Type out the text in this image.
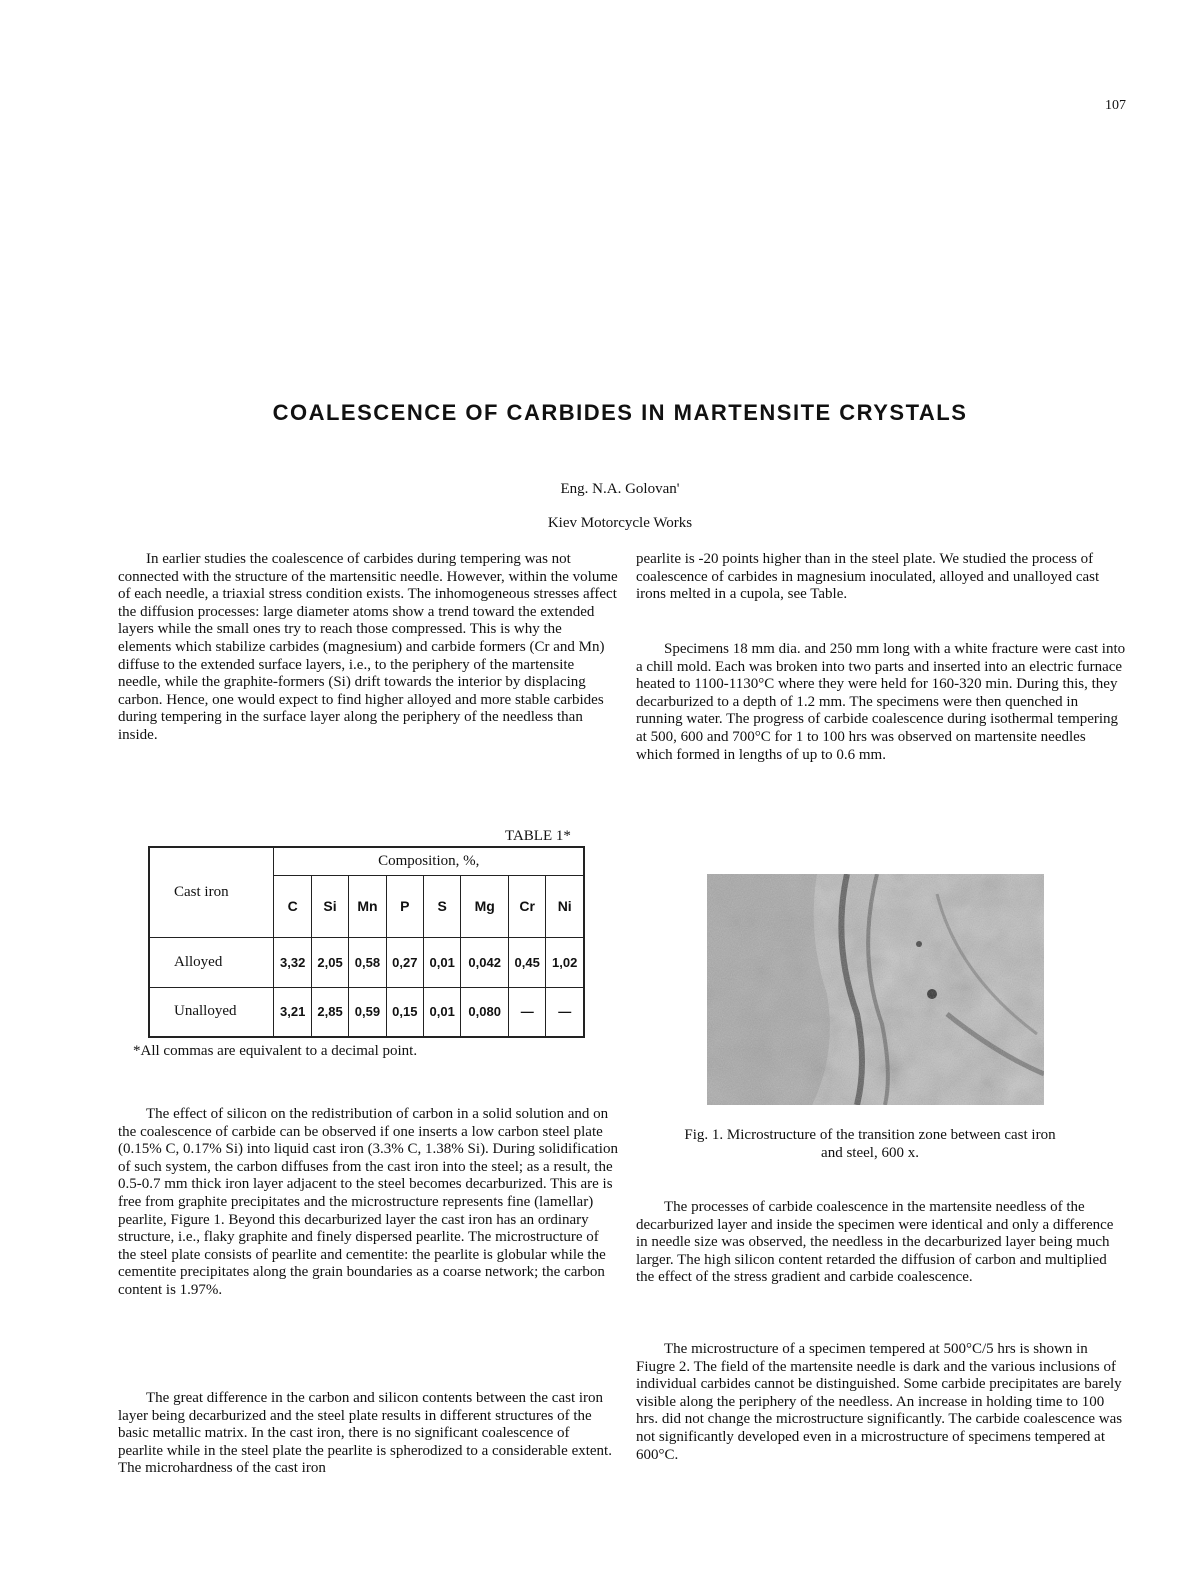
107
COALESCENCE OF CARBIDES IN MARTENSITE CRYSTALS
Eng. N.A. Golovan'
Kiev Motorcycle Works

In earlier studies the coalescence of carbides during tempering was not connected with the structure of the martensitic needle. However, within the volume of each needle, a triaxial stress condition exists. The inhomogeneous stresses affect the diffusion processes: large diameter atoms show a trend toward the extended layers while the small ones try to reach those compressed. This is why the elements which stabilize carbides (magnesium) and carbide formers (Cr and Mn) diffuse to the extended surface layers, i.e., to the periphery of the martensite needle, while the graphite-formers (Si) drift towards the interior by displacing carbon. Hence, one would expect to find higher alloyed and more stable carbides during tempering in the surface layer along the periphery of the needless than inside.

The effect of silicon on the redistribution of carbon in a solid solution and on the coalescence of carbide can be observed if one inserts a low carbon steel plate (0.15% C, 0.17% Si) into liquid cast iron (3.3% C, 1.38% Si). During solidification of such system, the carbon diffuses from the cast iron into the steel; as a result, the 0.5-0.7 mm thick iron layer adjacent to the steel becomes decarburized. This are is free from graphite precipitates and the microstructure represents fine (lamellar) pearlite, Figure 1. Beyond this decarburized layer the cast iron has an ordinary structure, i.e., flaky graphite and finely dispersed pearlite. The microstructure of the steel plate consists of pearlite and cementite: the pearlite is globular while the cementite precipitates along the grain boundaries as a coarse network; the carbon content is 1.97%.

The great difference in the carbon and silicon contents between the cast iron layer being decarburized and the steel plate results in different structures of the basic metallic matrix. In the cast iron, there is no significant coalescence of pearlite while in the steel plate the pearlite is spherodized to a considerable extent. The microhardness of the cast iron

pearlite is -20 points higher than in the steel plate. We studied the process of coalescence of carbides in magnesium inoculated, alloyed and unalloyed cast irons melted in a cupola, see Table.

Specimens 18 mm dia. and 250 mm long with a white fracture were cast into a chill mold. Each was broken into two parts and inserted into an electric furnace heated to 1100-1130°C where they were held for 160-320 min. During this, they decarburized to a depth of 1.2 mm. The specimens were then quenched in running water. The progress of carbide coalescence during isothermal tempering at 500, 600 and 700°C for 1 to 100 hrs was observed on martensite needles which formed in lengths of up to 0.6 mm.

The processes of carbide coalescence in the martensite needless of the decarburized layer and inside the specimen were identical and only a difference in needle size was observed, the needless in the decarburized layer being much larger. The high silicon content retarded the diffusion of carbon and multiplied the effect of the stress gradient and carbide coalescence.

The microstructure of a specimen tempered at 500°C/5 hrs is shown in Fiugre 2. The field of the martensite needle is dark and the various inclusions of individual carbides cannot be distinguished. Some carbide precipitates are barely visible along the periphery of the needless. An increase in holding time to 100 hrs. did not change the microstructure significantly. The carbide coalescence was not significantly developed even in a microstructure of specimens tempered at 600°C.

TABLE 1*
Cast iron	Composition, %,							
	C	Si	Mn	P	S	Mg	Cr	Ni
Alloyed	3,32	2,05	0,58	0,27	0,01	0,042	0,45	1,02
Unalloyed	3,21	2,85	0,59	0,15	0,01	0,080	—	—
*All commas are equivalent to a decimal point.
Fig. 1. Microstructure of the transition zone between cast iron and steel, 600 x.
